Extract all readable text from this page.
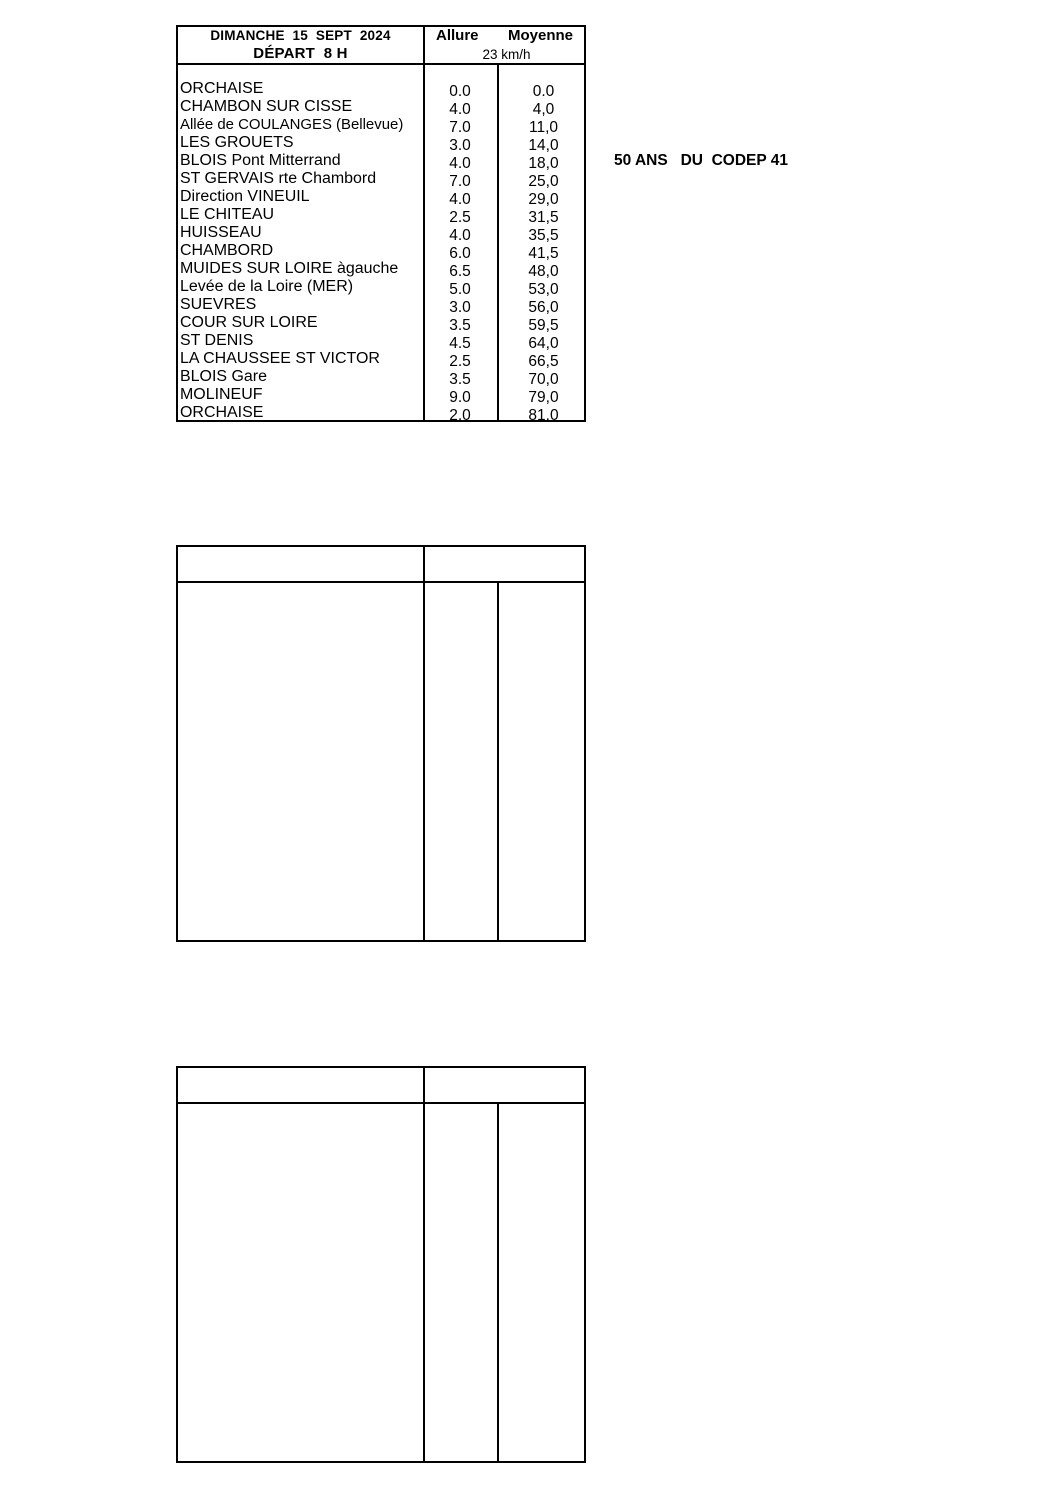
DIMANCHE  15  SEPT  2024
DÉPART  8 H
Allure Moyenne
23 km/h
ORCHAISE	0.0	0.0
CHAMBON SUR CISSE	4.0	4,0
Allée de COULANGES (Bellevue)	7.0	11,0
LES GROUETS	3.0	14,0
BLOIS Pont Mitterrand	4.0	18,0
ST GERVAIS rte Chambord	7.0	25,0
Direction VINEUIL	4.0	29,0
LE CHITEAU	2.5	31,5
HUISSEAU	4.0	35,5
CHAMBORD	6.0	41,5
MUIDES SUR LOIRE àgauche	6.5	48,0
Levée de la Loire (MER)	5.0	53,0
SUEVRES	3.0	56,0
COUR SUR LOIRE	3.5	59,5
ST DENIS	4.5	64,0
LA CHAUSSEE ST VICTOR	2.5	66,5
BLOIS Gare	3.5	70,0
MOLINEUF	9.0	79,0
ORCHAISE	2.0	81,0
50 ANS   DU  CODEP 41
